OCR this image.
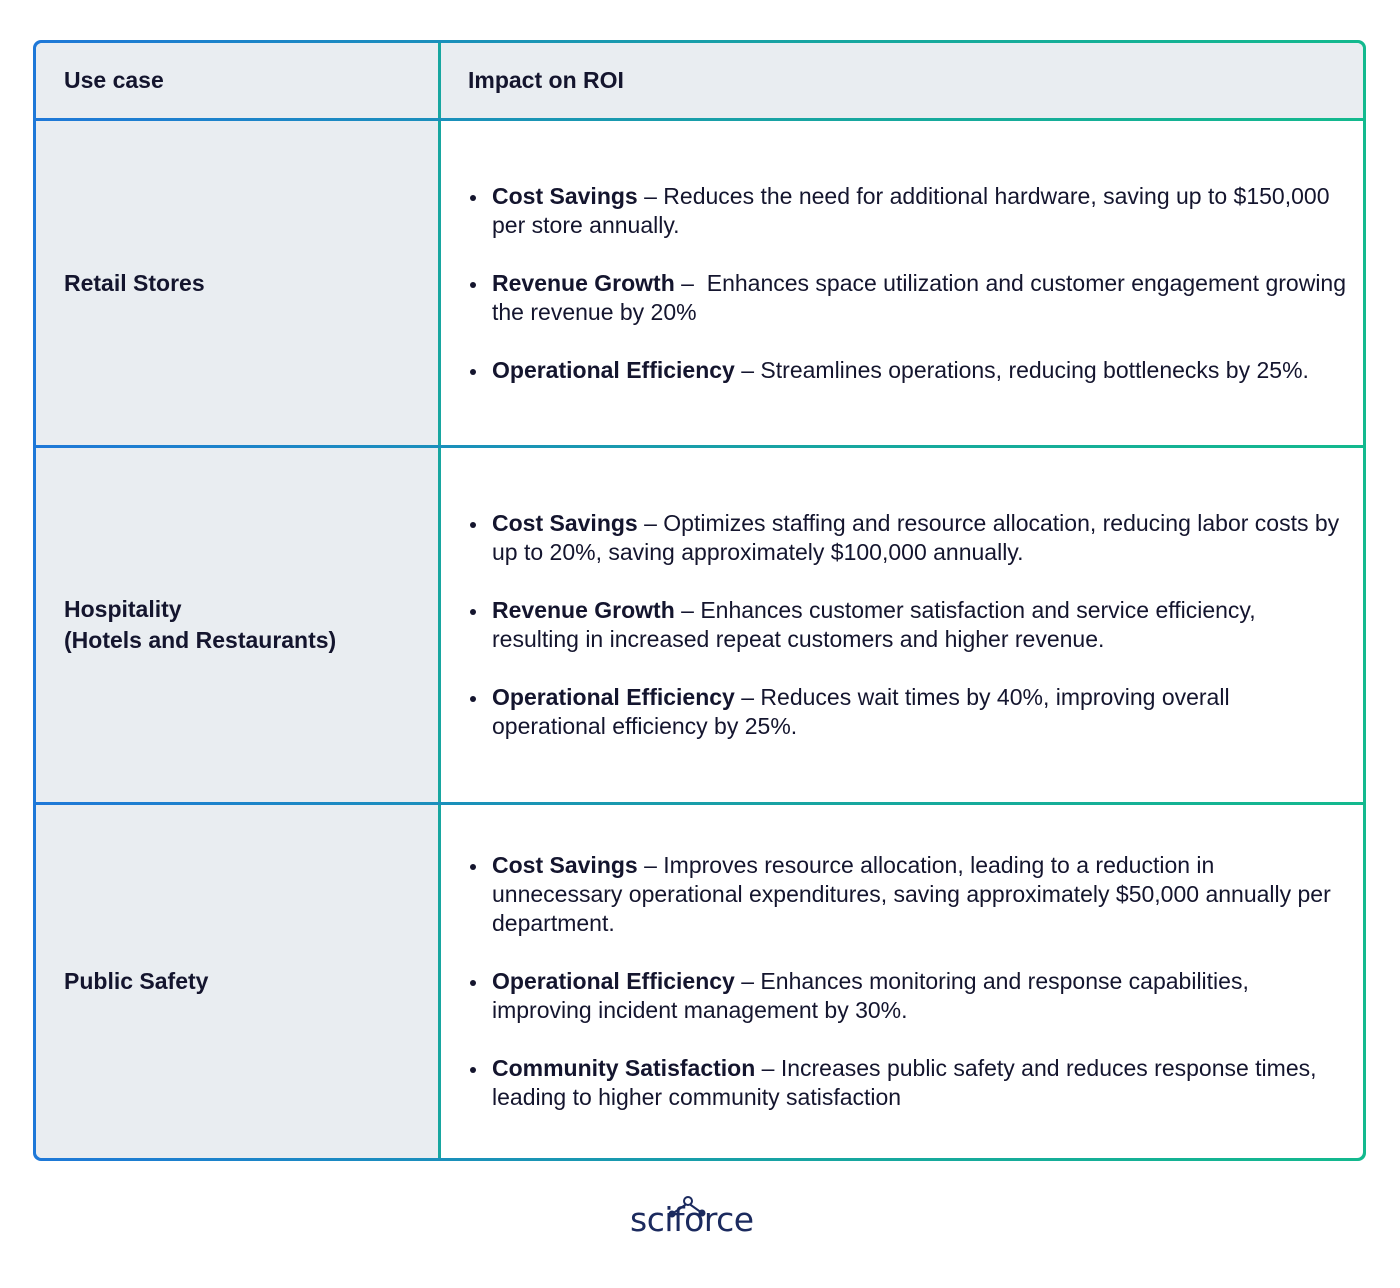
Use case	Impact on ROI
Retail Stores
Cost Savings – Reduces the need for additional hardware, saving up to $150,000 per store annually.
Revenue Growth –  Enhances space utilization and customer engagement growing the revenue by 20%
Operational Efficiency – Streamlines operations, reducing bottlenecks by 25%.
Hospitality
(Hotels and Restaurants)
Cost Savings – Optimizes staffing and resource allocation, reducing labor costs by up to 20%, saving approximately $100,000 annually.
Revenue Growth – Enhances customer satisfaction and service efficiency, resulting in increased repeat customers and higher revenue.
Operational Efficiency – Reduces wait times by 40%, improving overall operational efficiency by 25%.
Public Safety
Cost Savings – Improves resource allocation, leading to a reduction in unnecessary operational expenditures, saving approximately $50,000 annually per department.
Operational Efficiency – Enhances monitoring and response capabilities, improving incident management by 30%.
Community Satisfaction – Increases public safety and reduces response times, leading to higher community satisfaction
sciforce
